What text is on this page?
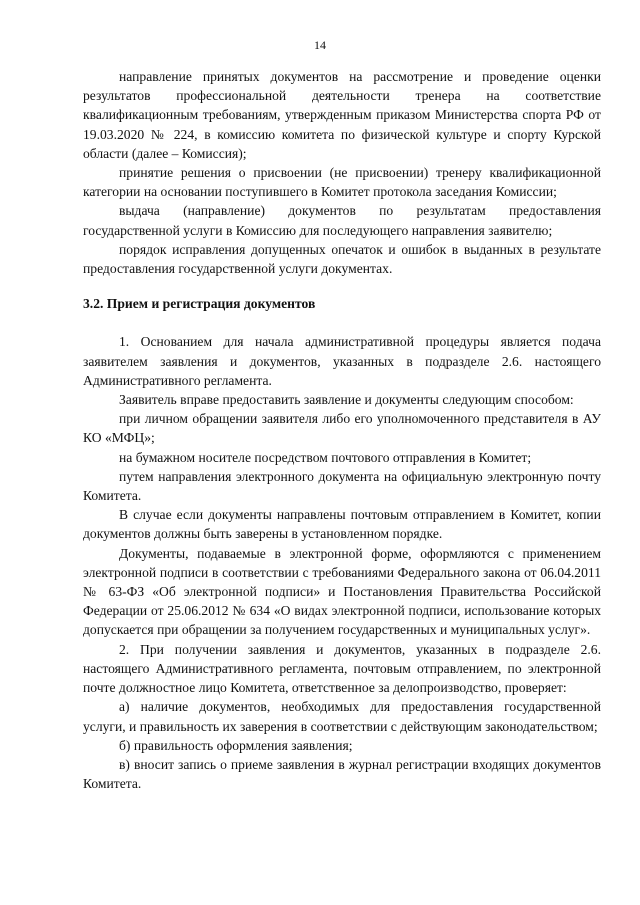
14

направление принятых документов на рассмотрение и проведение оценки результатов профессиональной деятельности тренера на соответствие квалификационным требованиям, утвержденным приказом Министерства спорта РФ от 19.03.2020 № 224, в комиссию комитета по физической культуре и спорту Курской области (далее – Комиссия);

принятие решения о присвоении (не присвоении) тренеру квалификационной категории на основании поступившего в Комитет протокола заседания Комиссии;

выдача (направление) документов по результатам предоставления государственной услуги в Комиссию для последующего направления заявителю;

порядок исправления допущенных опечаток и ошибок в выданных в результате предоставления государственной услуги документах.

3.2. Прием и регистрация документов

1. Основанием для начала административной процедуры является подача заявителем заявления и документов, указанных в подразделе 2.6. настоящего Административного регламента.

Заявитель вправе предоставить заявление и документы следующим способом:

при личном обращении заявителя либо его уполномоченного представителя в АУ КО «МФЦ»;

на бумажном носителе посредством почтового отправления в Комитет;

путем направления электронного документа на официальную электронную почту Комитета.

В случае если документы направлены почтовым отправлением в Комитет, копии документов должны быть заверены в установленном порядке.

Документы, подаваемые в электронной форме, оформляются с применением электронной подписи в соответствии с требованиями Федерального закона от 06.04.2011 № 63-ФЗ «Об электронной подписи» и Постановления Правительства Российской Федерации от 25.06.2012 № 634 «О видах электронной подписи, использование которых допускается при обращении за получением государственных и муниципальных услуг».

2. При получении заявления и документов, указанных в подразделе 2.6. настоящего Административного регламента, почтовым отправлением, по электронной почте должностное лицо Комитета, ответственное за делопроизводство, проверяет:

а) наличие документов, необходимых для предоставления государственной услуги, и правильность их заверения в соответствии с действующим законодательством;

б) правильность оформления заявления;

в) вносит запись о приеме заявления в журнал регистрации входящих документов Комитета.
